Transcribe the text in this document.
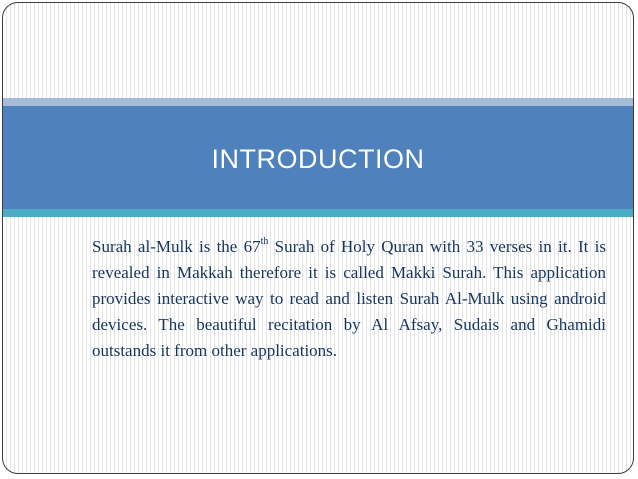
INTRODUCTION

Surah al-Mulk is the 67th Surah of Holy Quran with 33 verses in it. It is revealed in Makkah therefore it is called Makki Surah. This application provides interactive way to read and listen Surah Al-Mulk using android devices. The beautiful recitation by Al Afsay, Sudais and Ghamidi outstands it from other applications.
